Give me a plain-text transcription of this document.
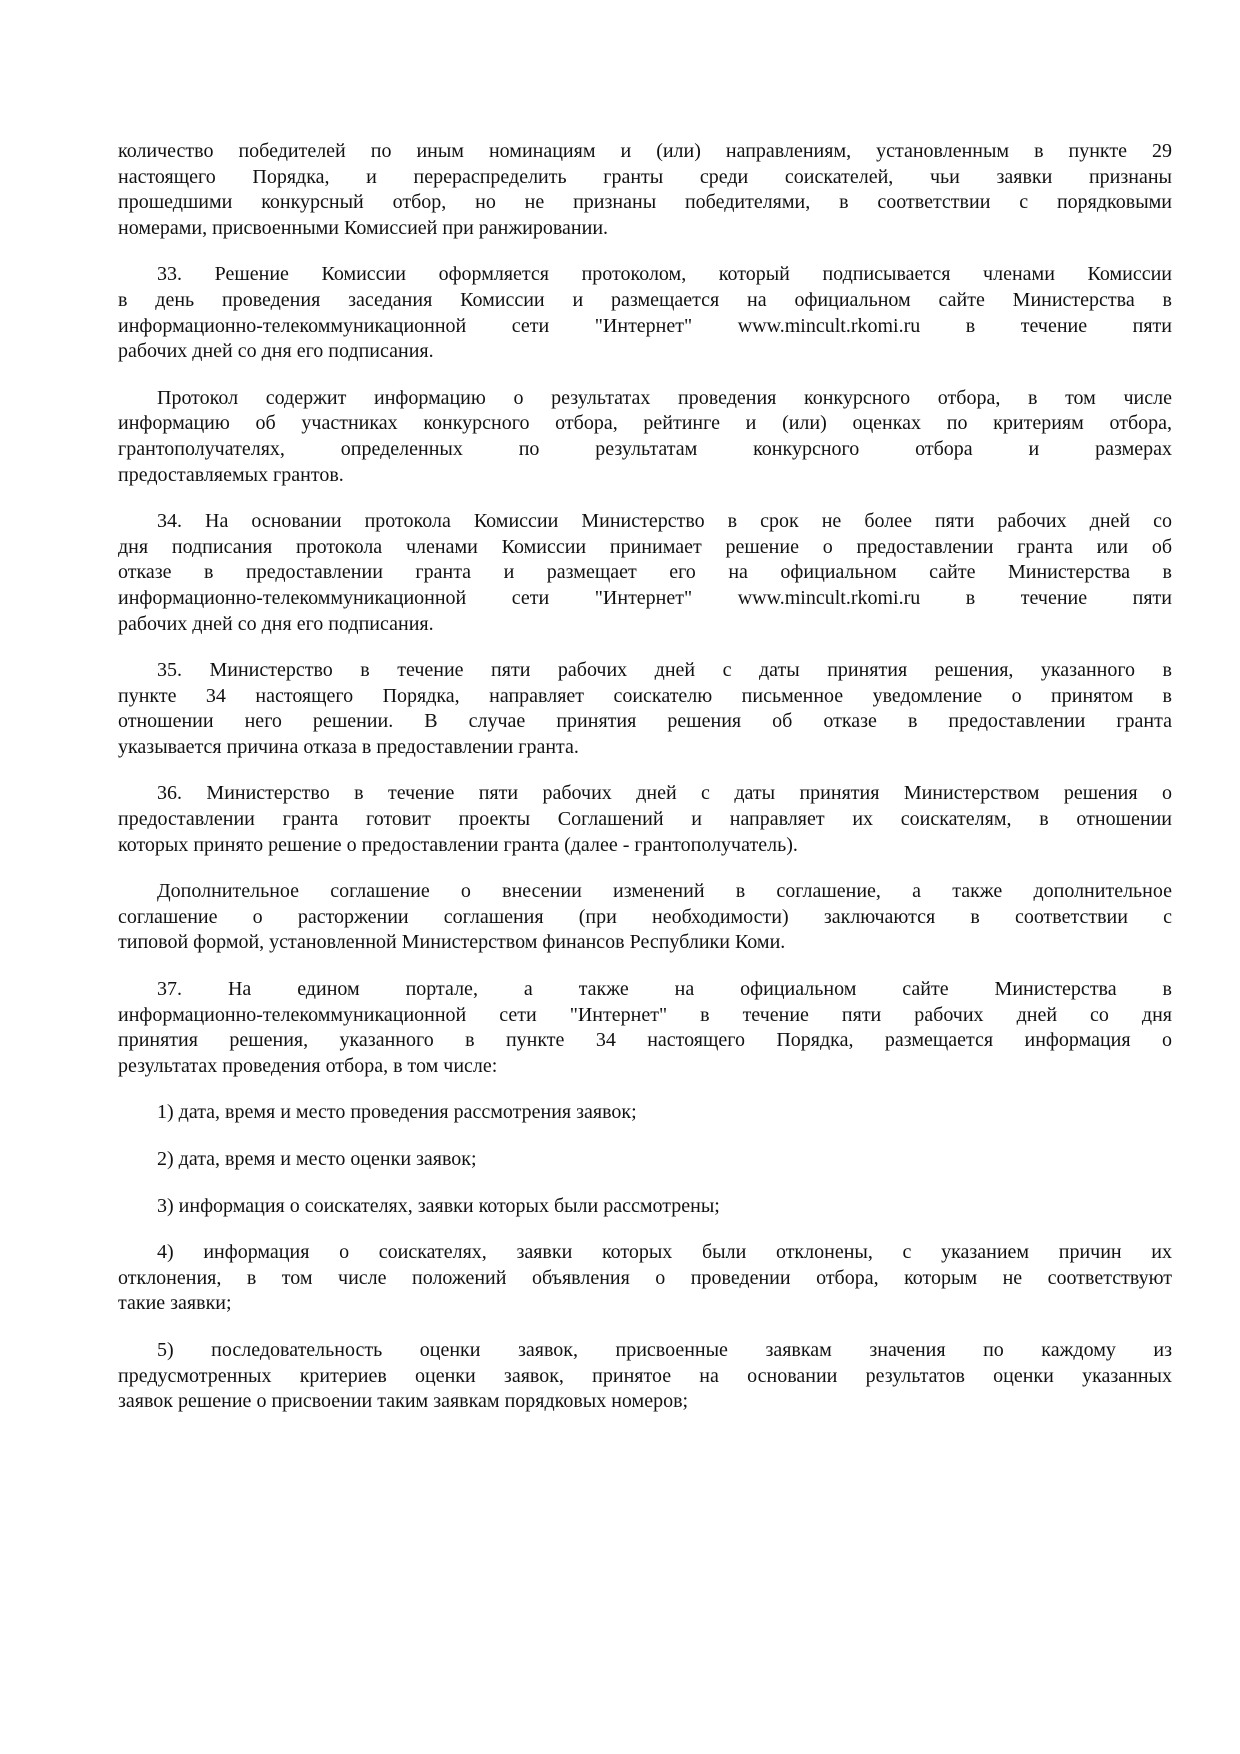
количество победителей по иным номинациям и (или) направлениям, установленным в пункте 29
настоящего Порядка, и перераспределить гранты среди соискателей, чьи заявки признаны
прошедшими конкурсный отбор, но не признаны победителями, в соответствии с порядковыми
номерами, присвоенными Комиссией при ранжировании.
33. Решение Комиссии оформляется протоколом, который подписывается членами Комиссии
в день проведения заседания Комиссии и размещается на официальном сайте Министерства в
информационно-телекоммуникационной сети "Интернет" www.mincult.rkomi.ru в течение пяти
рабочих дней со дня его подписания.
Протокол содержит информацию о результатах проведения конкурсного отбора, в том числе
информацию об участниках конкурсного отбора, рейтинге и (или) оценках по критериям отбора,
грантополучателях, определенных по результатам конкурсного отбора и размерах
предоставляемых грантов.
34. На основании протокола Комиссии Министерство в срок не более пяти рабочих дней со
дня подписания протокола членами Комиссии принимает решение о предоставлении гранта или об
отказе в предоставлении гранта и размещает его на официальном сайте Министерства в
информационно-телекоммуникационной сети "Интернет" www.mincult.rkomi.ru в течение пяти
рабочих дней со дня его подписания.
35. Министерство в течение пяти рабочих дней с даты принятия решения, указанного в
пункте 34 настоящего Порядка, направляет соискателю письменное уведомление о принятом в
отношении него решении. В случае принятия решения об отказе в предоставлении гранта
указывается причина отказа в предоставлении гранта.
36. Министерство в течение пяти рабочих дней с даты принятия Министерством решения о
предоставлении гранта готовит проекты Соглашений и направляет их соискателям, в отношении
которых принято решение о предоставлении гранта (далее - грантополучатель).
Дополнительное соглашение о внесении изменений в соглашение, а также дополнительное
соглашение о расторжении соглашения (при необходимости) заключаются в соответствии с
типовой формой, установленной Министерством финансов Республики Коми.
37. На едином портале, а также на официальном сайте Министерства в
информационно-телекоммуникационной сети "Интернет" в течение пяти рабочих дней со дня
принятия решения, указанного в пункте 34 настоящего Порядка, размещается информация о
результатах проведения отбора, в том числе:
1) дата, время и место проведения рассмотрения заявок;
2) дата, время и место оценки заявок;
3) информация о соискателях, заявки которых были рассмотрены;
4) информация о соискателях, заявки которых были отклонены, с указанием причин их
отклонения, в том числе положений объявления о проведении отбора, которым не соответствуют
такие заявки;
5) последовательность оценки заявок, присвоенные заявкам значения по каждому из
предусмотренных критериев оценки заявок, принятое на основании результатов оценки указанных
заявок решение о присвоении таким заявкам порядковых номеров;
